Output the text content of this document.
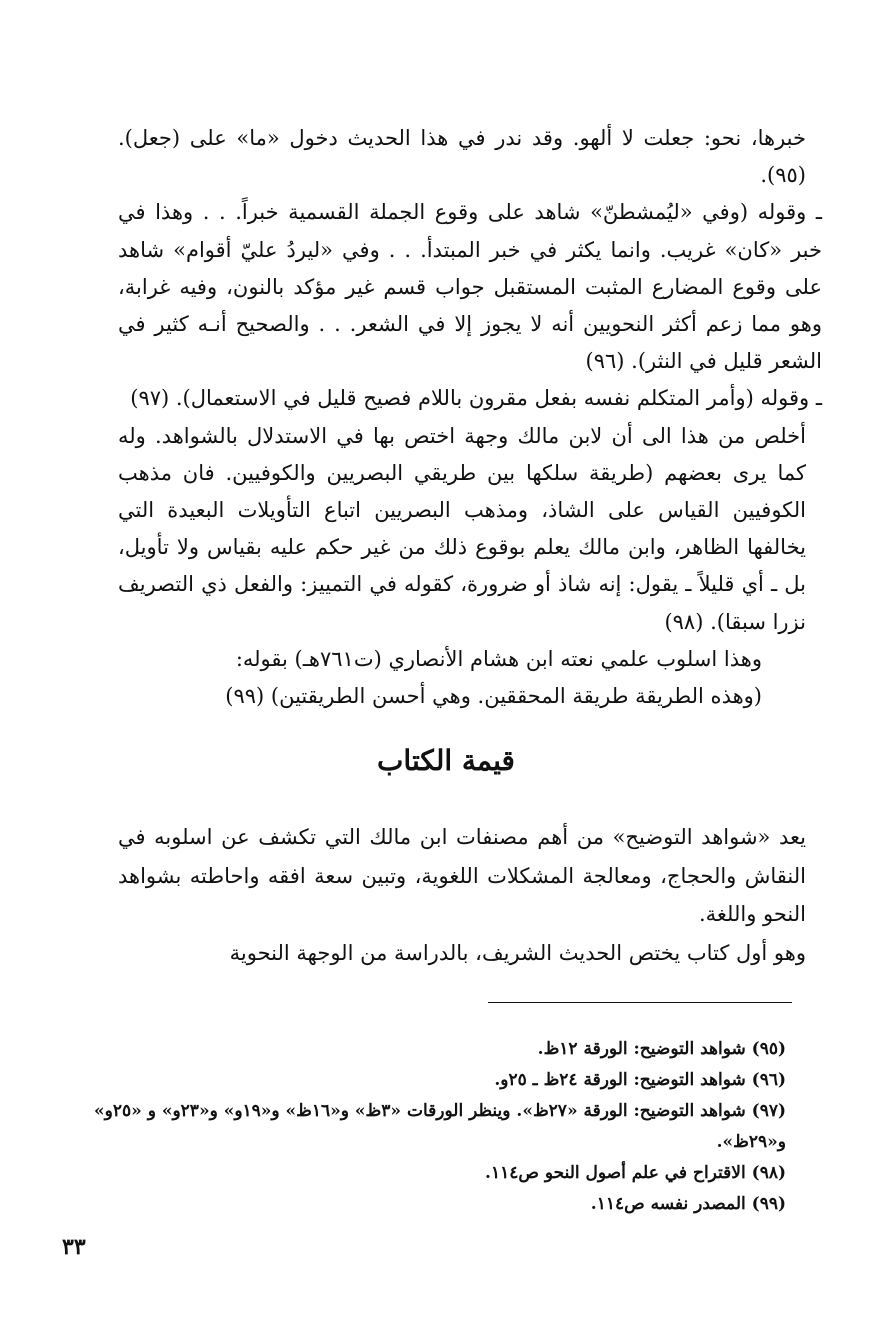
خبرها، نحو: جعلت لا ألهو. وقد ندر في هذا الحديث دخول «ما» على (جعل). (٩٥).

ـ وقوله (وفي «ليُمشطنّ» شاهد على وقوع الجملة القسمية خبراً. . . وهذا في خبر «كان» غريب. وانما يكثر في خبر المبتدأ. . . وفي «ليردُ عليّ أقوام» شاهد على وقوع المضارع المثبت المستقبل جواب قسم غير مؤكد بالنون، وفيه غرابة، وهو مما زعم أكثر النحويين أنه لا يجوز إلا في الشعر. . . والصحيح أنـه كثير في الشعر قليل في النثر). (٩٦)

ـ وقوله (وأمر المتكلم نفسه بفعل مقرون باللام فصيح قليل في الاستعمال). (٩٧)

أخلص من هذا الى أن لابن مالك وجهة اختص بها في الاستدلال بالشواهد. وله كما يرى بعضهم (طريقة سلكها بين طريقي البصريين والكوفيين. فان مذهب الكوفيين القياس على الشاذ، ومذهب البصريين اتباع التأويلات البعيدة التي يخالفها الظاهر، وابن مالك يعلم بوقوع ذلك من غير حكم عليه بقياس ولا تأويل، بل ـ أي قليلاً ـ يقول: إنه شاذ أو ضرورة، كقوله في التمييز: والفعل ذي التصريف نزرا سبقا). (٩٨)

وهذا اسلوب علمي نعته ابن هشام الأنصاري (ت٧٦١هـ) بقوله:

(وهذه الطريقة طريقة المحققين. وهي أحسن الطريقتين) (٩٩)

قيمة الكتاب

يعد «شواهد التوضيح» من أهم مصنفات ابن مالك التي تكشف عن اسلوبه في النقاش والحجاج، ومعالجة المشكلات اللغوية، وتبين سعة افقه واحاطته بشواهد النحو واللغة.

وهو أول كتاب يختص الحديث الشريف، بالدراسة من الوجهة النحوية

(٩٥) شواهد التوضيح: الورقة ١٢ظ.

(٩٦) شواهد التوضيح: الورقة ٢٤ظ ـ ٢٥و.

(٩٧) شواهد التوضيح: الورقة «٢٧ظ». وينظر الورقات «٣ظ» و«١٦ظ» و«١٩و» و«٢٣و» و «٢٥و» و«٢٩ظ».

(٩٨) الاقتراح في علم أصول النحو ص١١٤.

(٩٩) المصدر نفسه ص١١٤.

٣٣
